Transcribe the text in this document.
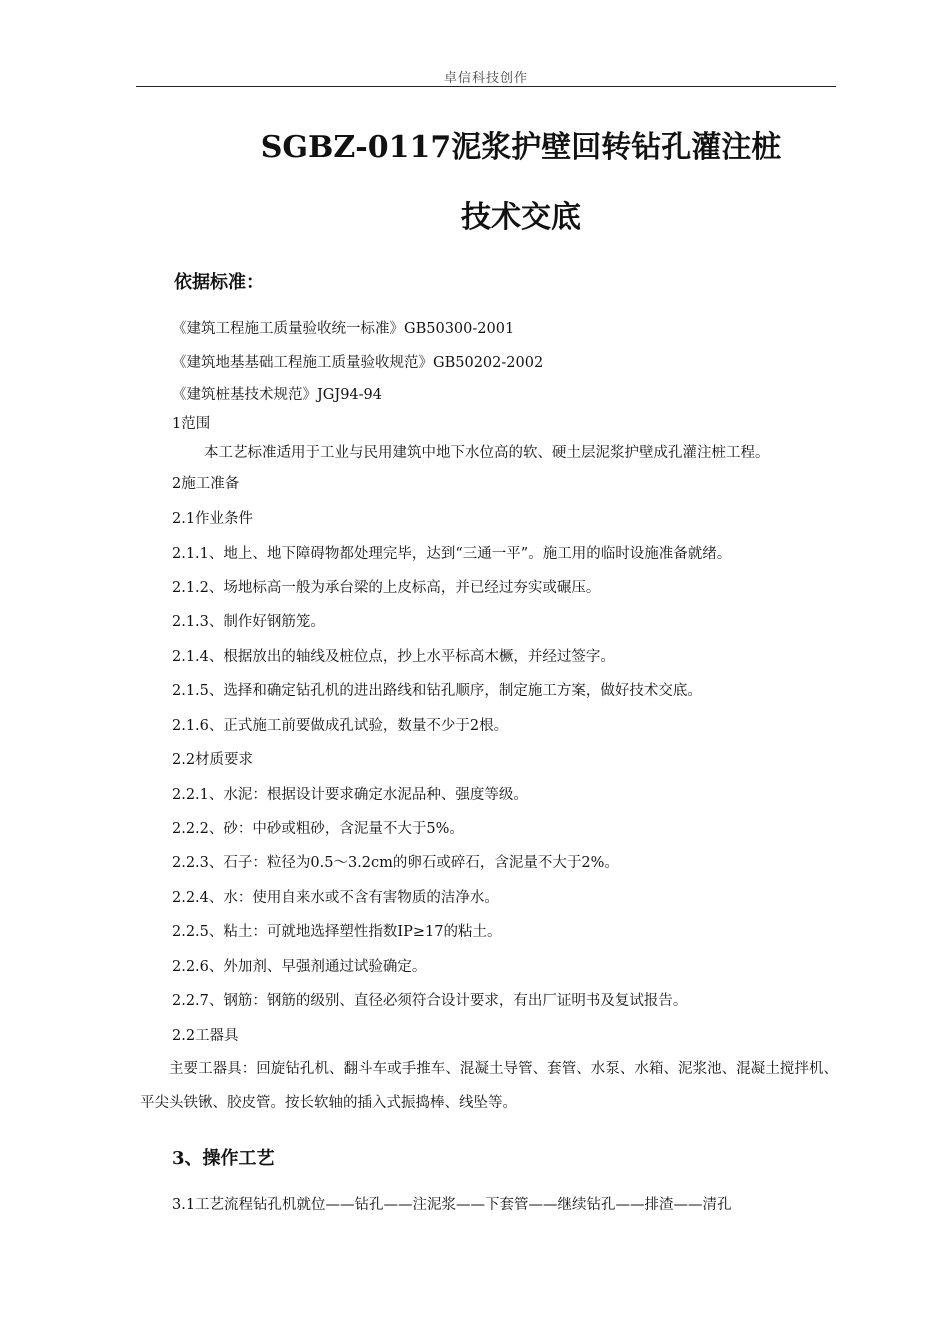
卓信科技创作
SGBZ-0117泥浆护壁回转钻孔灌注桩
技术交底
依据标准：
《建筑工程施工质量验收统一标准》GB50300-2001
《建筑地基基础工程施工质量验收规范》GB50202-2002
《建筑桩基技术规范》JGJ94-94
1范围
本工艺标准适用于工业与民用建筑中地下水位高的软、硬土层泥浆护壁成孔灌注桩工程。
2施工准备
2.1作业条件
2.1.1、地上、地下障碍物都处理完毕，达到“三通一平”。施工用的临时设施准备就绪。
2.1.2、场地标高一般为承台梁的上皮标高，并已经过夯实或碾压。
2.1.3、制作好钢筋笼。
2.1.4、根据放出的轴线及桩位点，抄上水平标高木橛，并经过签字。
2.1.5、选择和确定钻孔机的进出路线和钻孔顺序，制定施工方案，做好技术交底。
2.1.6、正式施工前要做成孔试验，数量不少于2根。
2.2材质要求
2.2.1、水泥：根据设计要求确定水泥品种、强度等级。
2.2.2、砂：中砂或粗砂，含泥量不大于5%。
2.2.3、石子：粒径为0.5～3.2cm的卵石或碎石，含泥量不大于2%。
2.2.4、水：使用自来水或不含有害物质的洁净水。
2.2.5、粘土：可就地选择塑性指数IP≥17的粘土。
2.2.6、外加剂、早强剂通过试验确定。
2.2.7、钢筋：钢筋的级别、直径必须符合设计要求，有出厂证明书及复试报告。
2.2工器具
主要工器具：回旋钻孔机、翻斗车或手推车、混凝土导管、套管、水泵、水箱、泥浆池、混凝土搅拌机、平尖头铁锹、胶皮管。按长软轴的插入式振捣棒、线坠等。
3、操作工艺
3.1工艺流程钻孔机就位——钻孔——注泥浆——下套管——继续钻孔——排渣——清孔
